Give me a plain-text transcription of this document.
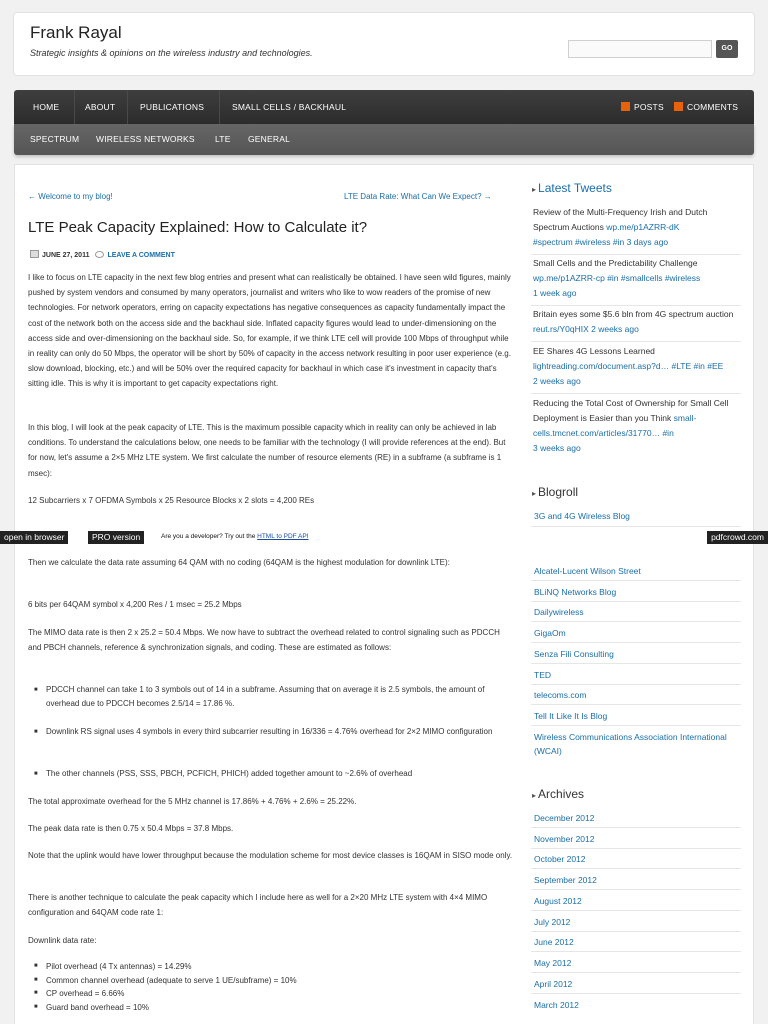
Frank Rayal
Strategic insights & opinions on the wireless industry and technologies.	GO
HOME	ABOUT	PUBLICATIONS	SMALL CELLS / BACKHAUL	POSTS	COMMENTS
SPECTRUM WIRELESS NETWORKS LTE GENERAL
← Welcome to my blog!	LTE Data Rate: What Can We Expect? →
LTE Peak Capacity Explained: How to Calculate it?
JUNE 27, 2011	LEAVE A COMMENT
I like to focus on LTE capacity in the next few blog entries and present what can realistically be obtained. I have seen wild figures, mainly pushed by system vendors and consumed by many operators, journalist and writers who like to wow readers of the promise of new technologies. For network operators, erring on capacity expectations has negative consequences as capacity fundamentally impact the cost of the network both on the access side and the backhaul side. Inflated capacity figures would lead to under-dimensioning on the access side and over-dimensioning on the backhaul side. So, for example, if we think LTE cell will provide 100 Mbps of throughput while in reality can only do 50 Mbps, the operator will be short by 50% of capacity in the access network resulting in poor user experience (e.g. slow download, blocking, etc.) and will be 50% over the required capacity for backhaul in which case it's investment in capacity that's sitting idle. This is why it is important to get capacity expectations right.
In this blog, I will look at the peak capacity of LTE. This is the maximum possible capacity which in reality can only be achieved in lab conditions. To understand the calculations below, one needs to be familiar with the technology (I will provide references at the end). But for now, let's assume a 2×5 MHz LTE system. We first calculate the number of resource elements (RE) in a subframe (a subframe is 1 msec):
12 Subcarriers x 7 OFDMA Symbols x 25 Resource Blocks x 2 slots = 4,200 REs
Then we calculate the data rate assuming 64 QAM with no coding (64QAM is the highest modulation for downlink LTE):
6 bits per 64QAM symbol x 4,200 Res / 1 msec = 25.2 Mbps
The MIMO data rate is then 2 x 25.2 = 50.4 Mbps. We now have to subtract the overhead related to control signaling such as PDCCH and PBCH channels, reference & synchronization signals, and coding. These are estimated as follows:
■ PDCCH channel can take 1 to 3 symbols out of 14 in a subframe. Assuming that on average it is 2.5 symbols, the amount of overhead due to PDCCH becomes 2.5/14 = 17.86 %.
■ Downlink RS signal uses 4 symbols in every third subcarrier resulting in 16/336 = 4.76% overhead for 2×2 MIMO configuration
■ The other channels (PSS, SSS, PBCH, PCFICH, PHICH) added together amount to ~2.6% of overhead
The total approximate overhead for the 5 MHz channel is 17.86% + 4.76% + 2.6% = 25.22%.
The peak data rate is then 0.75 x 50.4 Mbps = 37.8 Mbps.
Note that the uplink would have lower throughput because the modulation scheme for most device classes is 16QAM in SISO mode only.
There is another technique to calculate the peak capacity which I include here as well for a 2×20 MHz LTE system with 4×4 MIMO configuration and 64QAM code rate 1:
Downlink data rate:
■ Pilot overhead (4 Tx antennas) = 14.29%
■ Common channel overhead (adequate to serve 1 UE/subframe) = 10%
■ CP overhead = 6.66%
■ Guard band overhead = 10%
▸ Latest Tweets
Review of the Multi-Frequency Irish and Dutch Spectrum Auctions wp.me/p1AZRR-dK
#spectrum #wireless #in 3 days ago
Small Cells and the Predictability Challenge wp.me/p1AZRR-cp #in #smallcells #wireless
1 week ago
Britain eyes some $5.6 bln from 4G spectrum auction reut.rs/Y0qHIX 2 weeks ago
EE Shares 4G Lessons Learned
lightreading.com/document.asp?d… #LTE #in #EE
2 weeks ago
Reducing the Total Cost of Ownership for Small Cell Deployment is Easier than you Think small-cells.tmcnet.com/articles/31770… #in
3 weeks ago
▸ Blogroll
3G and 4G Wireless Blog
Alcatel-Lucent Wilson Street
BLiNQ Networks Blog
Dailywireless
GigaOm
Senza Fili Consulting
TED
telecoms.com
Tell It Like It Is Blog
Wireless Communications Association International (WCAI)
▸ Archives
December 2012
November 2012
October 2012
September 2012
August 2012
July 2012
June 2012
May 2012
April 2012
March 2012
open in browser	PRO version	Are you a developer? Try out the HTML to PDF API	pdfcrowd.com
